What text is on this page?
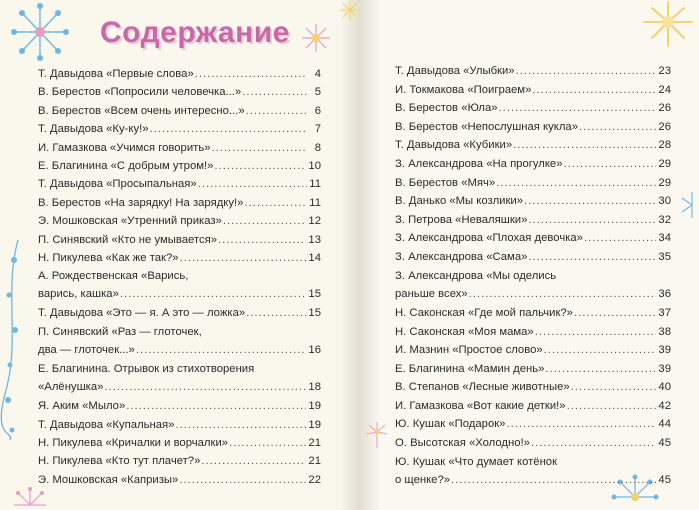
Содержание
Т. Давыдова «Первые слова» .....	4
В. Берестов «Попросили человечка...» .....	5
В. Берестов «Всем очень интересно...» .....	6
Т. Давыдова «Ку-ку!» .....	7
И. Гамазкова «Учимся говорить» .....	8
Е. Благинина «С добрым утром!» .....	10
Т. Давыдова «Просыпальная» .....	11
В. Берестов «На зарядку! На зарядку!» .....	11
Э. Мошковская «Утренний приказ» .....	12
П. Синявский «Кто не умывается» .....	13
Н. Пикулева «Как же так?» .....	14
А. Рождественская «Варись,
варись, кашка» .....	15
Т. Давыдова «Это — я. А это — ложка» .....	15
П. Синявский «Раз — глоточек,
два — глоточек...» .....	16
Е. Благинина. Отрывок из стихотворения
«Алёнушка» .....	18
Я. Аким «Мыло» .....	19
Т. Давыдова «Купальная» .....	19
Н. Пикулева «Кричалки и ворчалки» .....	21
Н. Пикулева «Кто тут плачет?» .....	21
Э. Мошковская «Капризы» .....	22
Т. Давыдова «Улыбки» .....	23
И. Токмакова «Поиграем» .....	24
В. Берестов «Юла» .....	26
В. Берестов «Непослушная кукла» .....	26
Т. Давыдова «Кубики» .....	28
З. Александрова «На прогулке» .....	29
В. Берестов «Мяч» .....	29
В. Данько «Мы козлики» .....	30
З. Петрова «Неваляшки» .....	32
З. Александрова «Плохая девочка» .....	34
З. Александрова «Сама» .....	35
З. Александрова «Мы оделись
раньше всех» .....	36
Н. Саконская «Где мой пальчик?» .....	37
Н. Саконская «Моя мама» .....	38
И. Мазнин «Простое слово» .....	39
Е. Благинина «Мамин день» .....	39
В. Степанов «Лесные животные» .....	40
И. Гамазкова «Вот какие детки!» .....	42
Ю. Кушак «Подарок» .....	44
О. Высотская «Холодно!» .....	45
Ю. Кушак «Что думает котёнок
о щенке?» .....	45
